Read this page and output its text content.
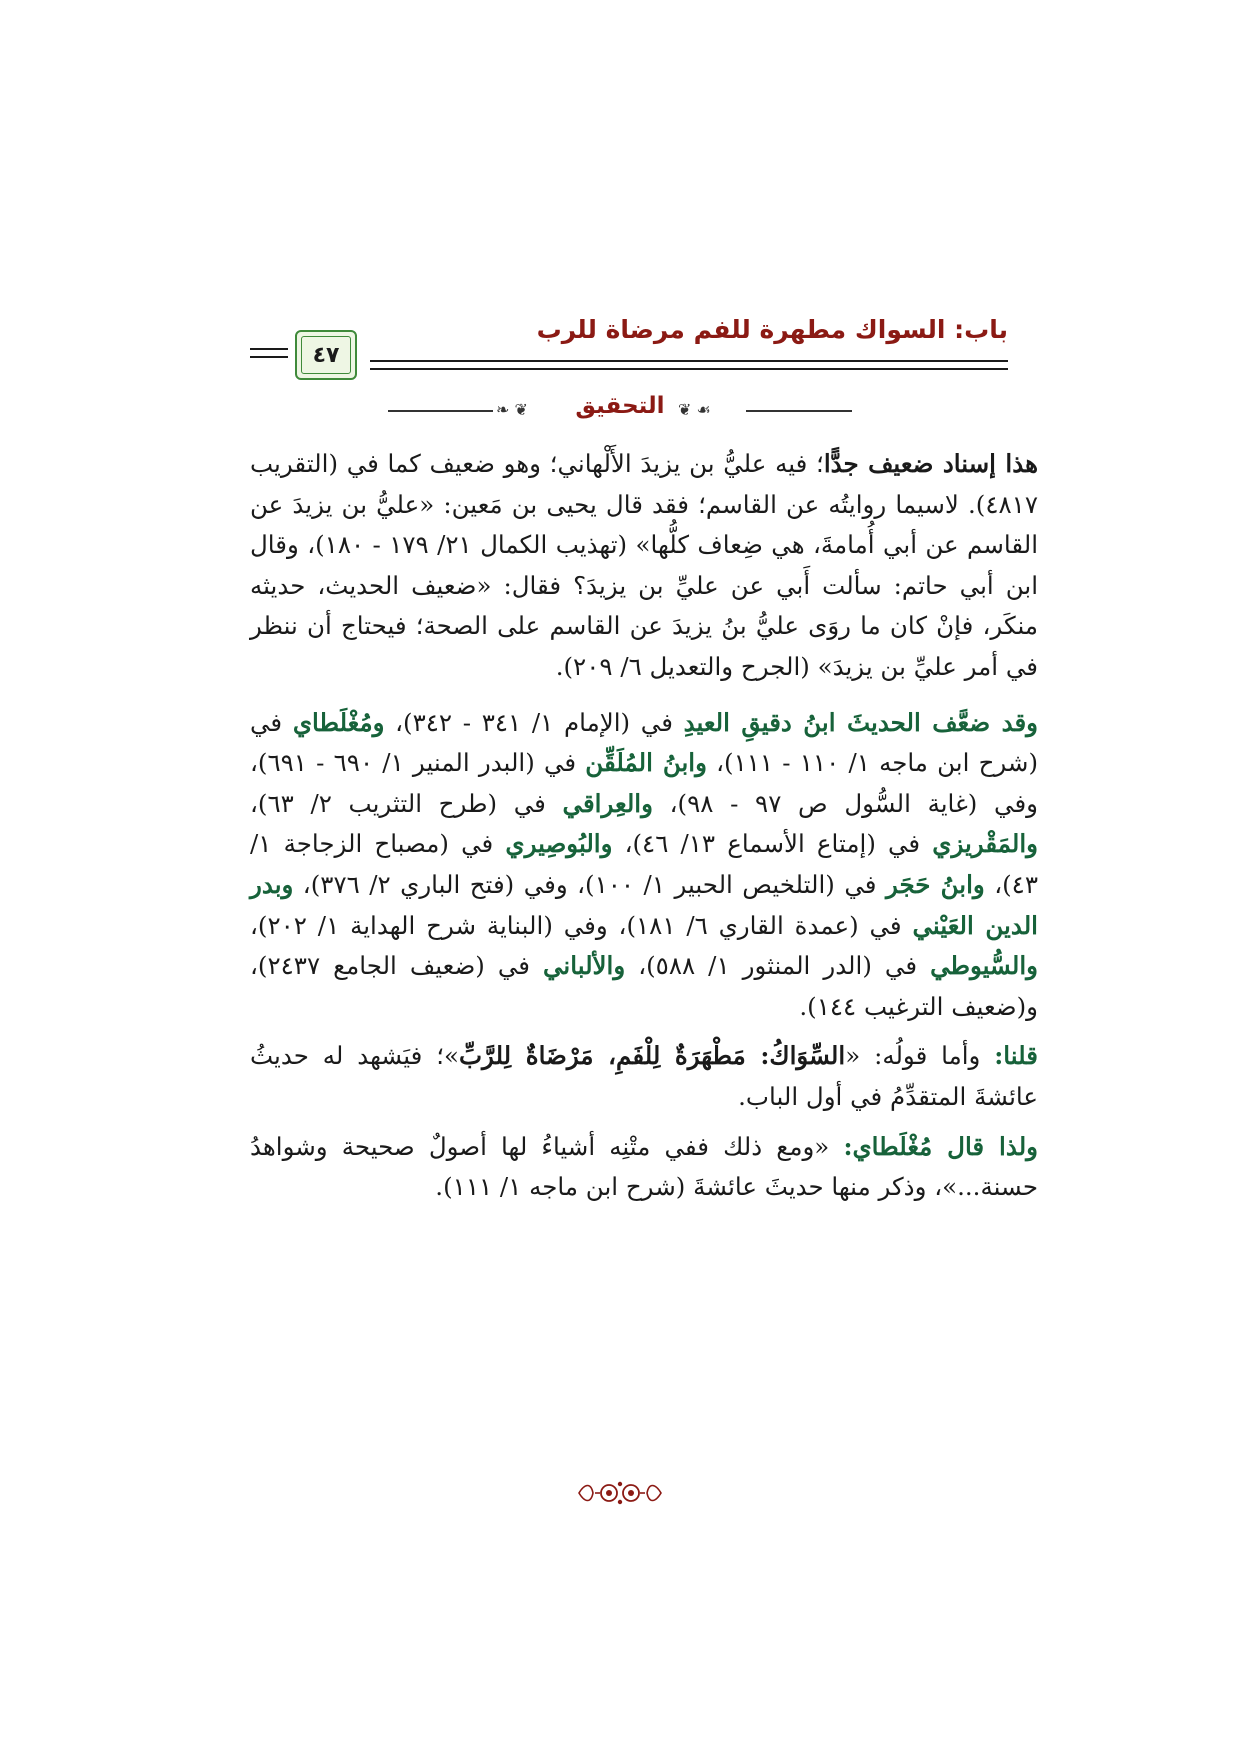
باب: السواك مطهرة للفم مرضاة للرب
٤٧
❦ ❧ التحقيق ☙ ❦

هذا إسناد ضعيف جدًّا؛ فيه عليُّ بن يزيدَ الأَلْهاني؛ وهو ضعيف كما في (التقريب ٤٨١٧). لاسيما روايتُه عن القاسم؛ فقد قال يحيى بن مَعين: «عليُّ بن يزيدَ عن القاسم عن أبي أُمامةَ، هي ضِعاف كلُّها» (تهذيب الكمال ٢١/ ١٧٩ - ١٨٠)، وقال ابن أبي حاتم: سألت أَبي عن عليِّ بن يزيدَ؟ فقال: «ضعيف الحديث، حديثه منكَر، فإنْ كان ما روَى عليُّ بنُ يزيدَ عن القاسم على الصحة؛ فيحتاج أن ننظر في أمر عليِّ بن يزيدَ» (الجرح والتعديل ٦/ ٢٠٩).

وقد ضعَّف الحديثَ ابنُ دقيقِ العيدِ في (الإمام ١/ ٣٤١ - ٣٤٢)، ومُغْلَطاي في (شرح ابن ماجه ١/ ١١٠ - ١١١)، وابنُ المُلَقِّن في (البدر المنير ١/ ٦٩٠ - ٦٩١)، وفي (غاية السُّول ص ٩٧ - ٩٨)، والعِراقي في (طرح التثريب ٢/ ٦٣)، والمَقْريزي في (إمتاع الأسماع ١٣/ ٤٦)، والبُوصِيري في (مصباح الزجاجة ١/ ٤٣)، وابنُ حَجَر في (التلخيص الحبير ١/ ١٠٠)، وفي (فتح الباري ٢/ ٣٧٦)، وبدر الدين العَيْني في (عمدة القاري ٦/ ١٨١)، وفي (البناية شرح الهداية ١/ ٢٠٢)، والسُّيوطي في (الدر المنثور ١/ ٥٨٨)، والألباني في (ضعيف الجامع ٢٤٣٧)، و(ضعيف الترغيب ١٤٤).

قلنا: وأما قولُه: «السِّوَاكُ: مَطْهَرَةٌ لِلْفَمِ، مَرْضَاةٌ لِلرَّبِّ»؛ فيَشهد له حديثُ عائشةَ المتقدِّمُ في أول الباب.

ولذا قال مُغْلَطاي: «ومع ذلك ففي متْنِه أشياءُ لها أصولٌ صحيحة وشواهدُ حسنة...»، وذكر منها حديثَ عائشةَ (شرح ابن ماجه ١/ ١١١).
